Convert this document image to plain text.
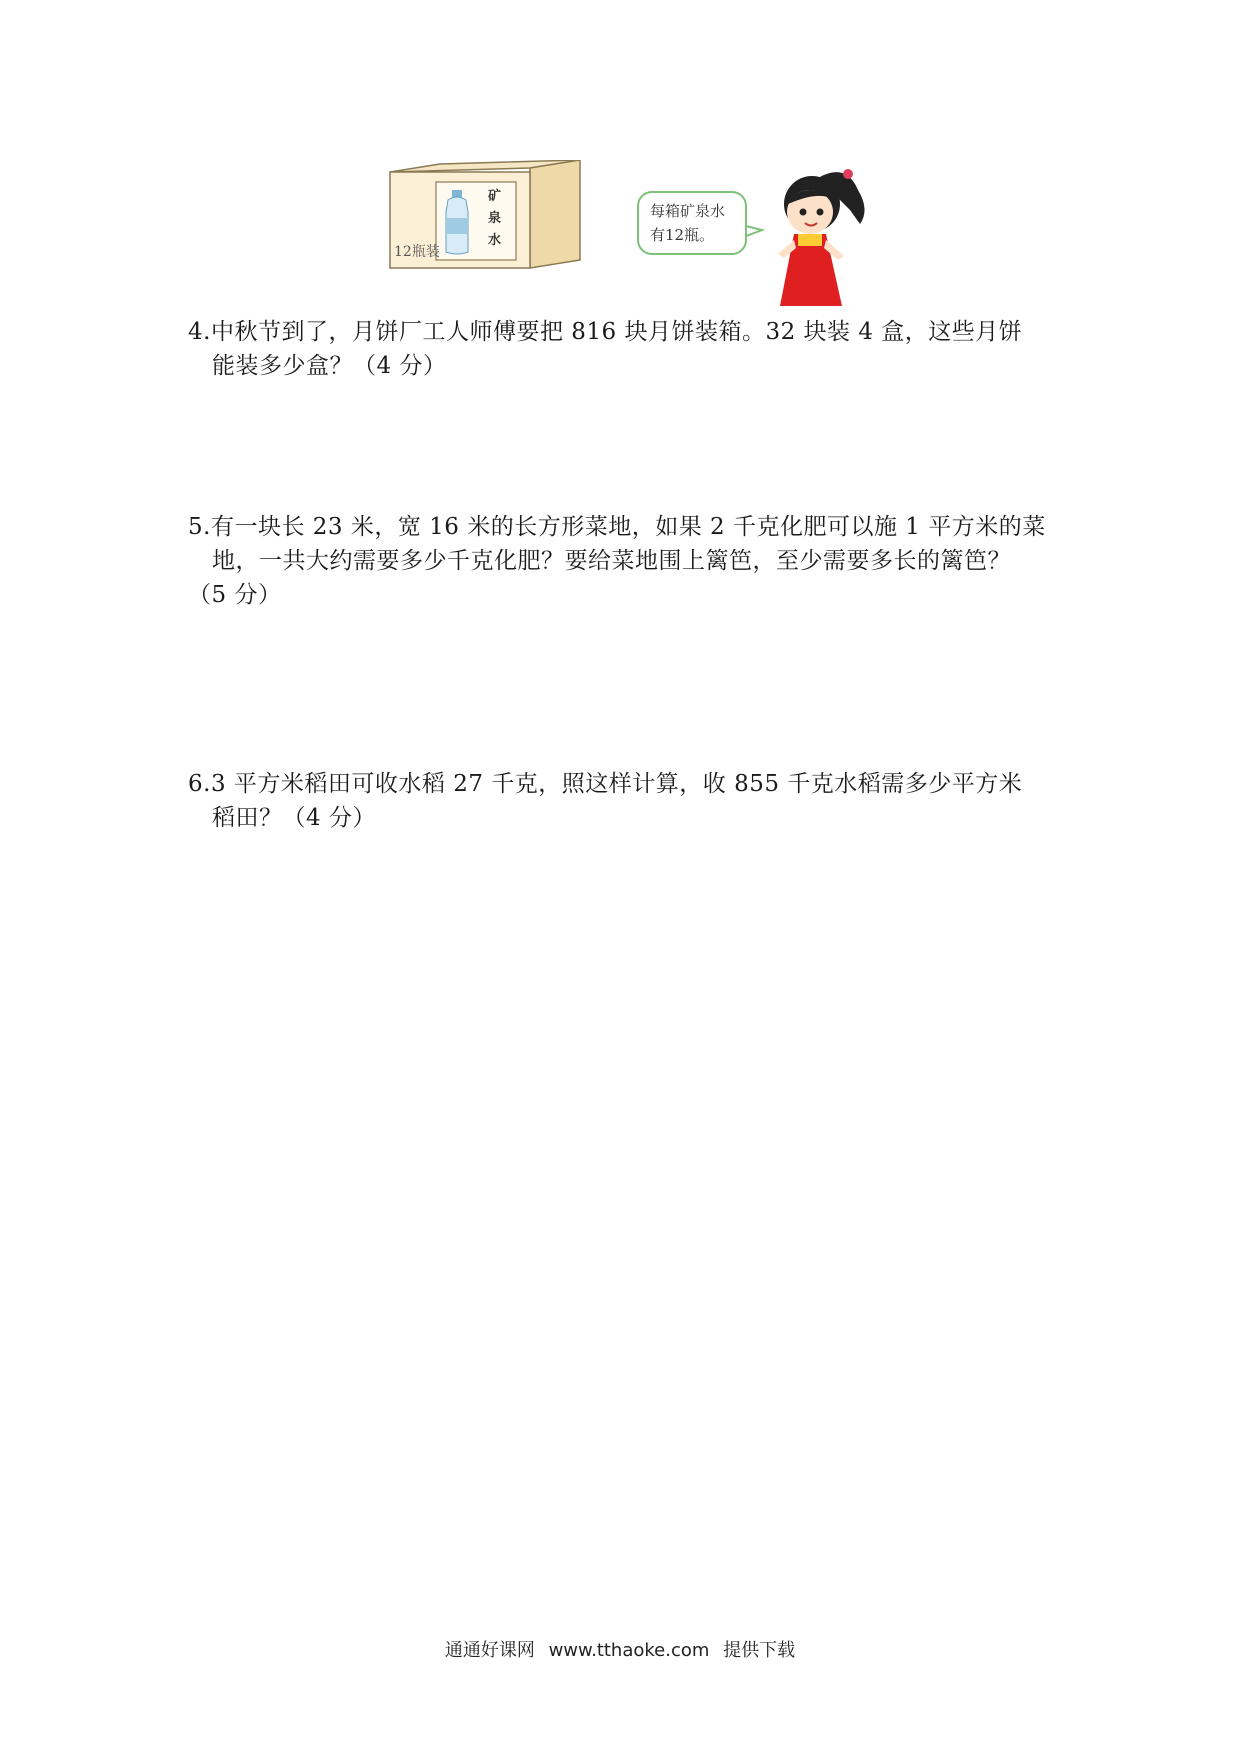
矿
泉
水
12瓶装
每箱矿泉水
有12瓶。
4.中秋节到了，月饼厂工人师傅要把 816 块月饼装箱。32 块装 4 盒，这些月饼
能装多少盒？（4 分）
5.有一块长 23 米，宽 16 米的长方形菜地，如果 2 千克化肥可以施 1 平方米的菜
地，一共大约需要多少千克化肥？要给菜地围上篱笆，至少需要多长的篱笆？
（5 分）
6.3 平方米稻田可收水稻 27 千克，照这样计算，收 855 千克水稻需多少平方米
稻田？（4 分）
通通好课网 www.tthaoke.com 提供下载
